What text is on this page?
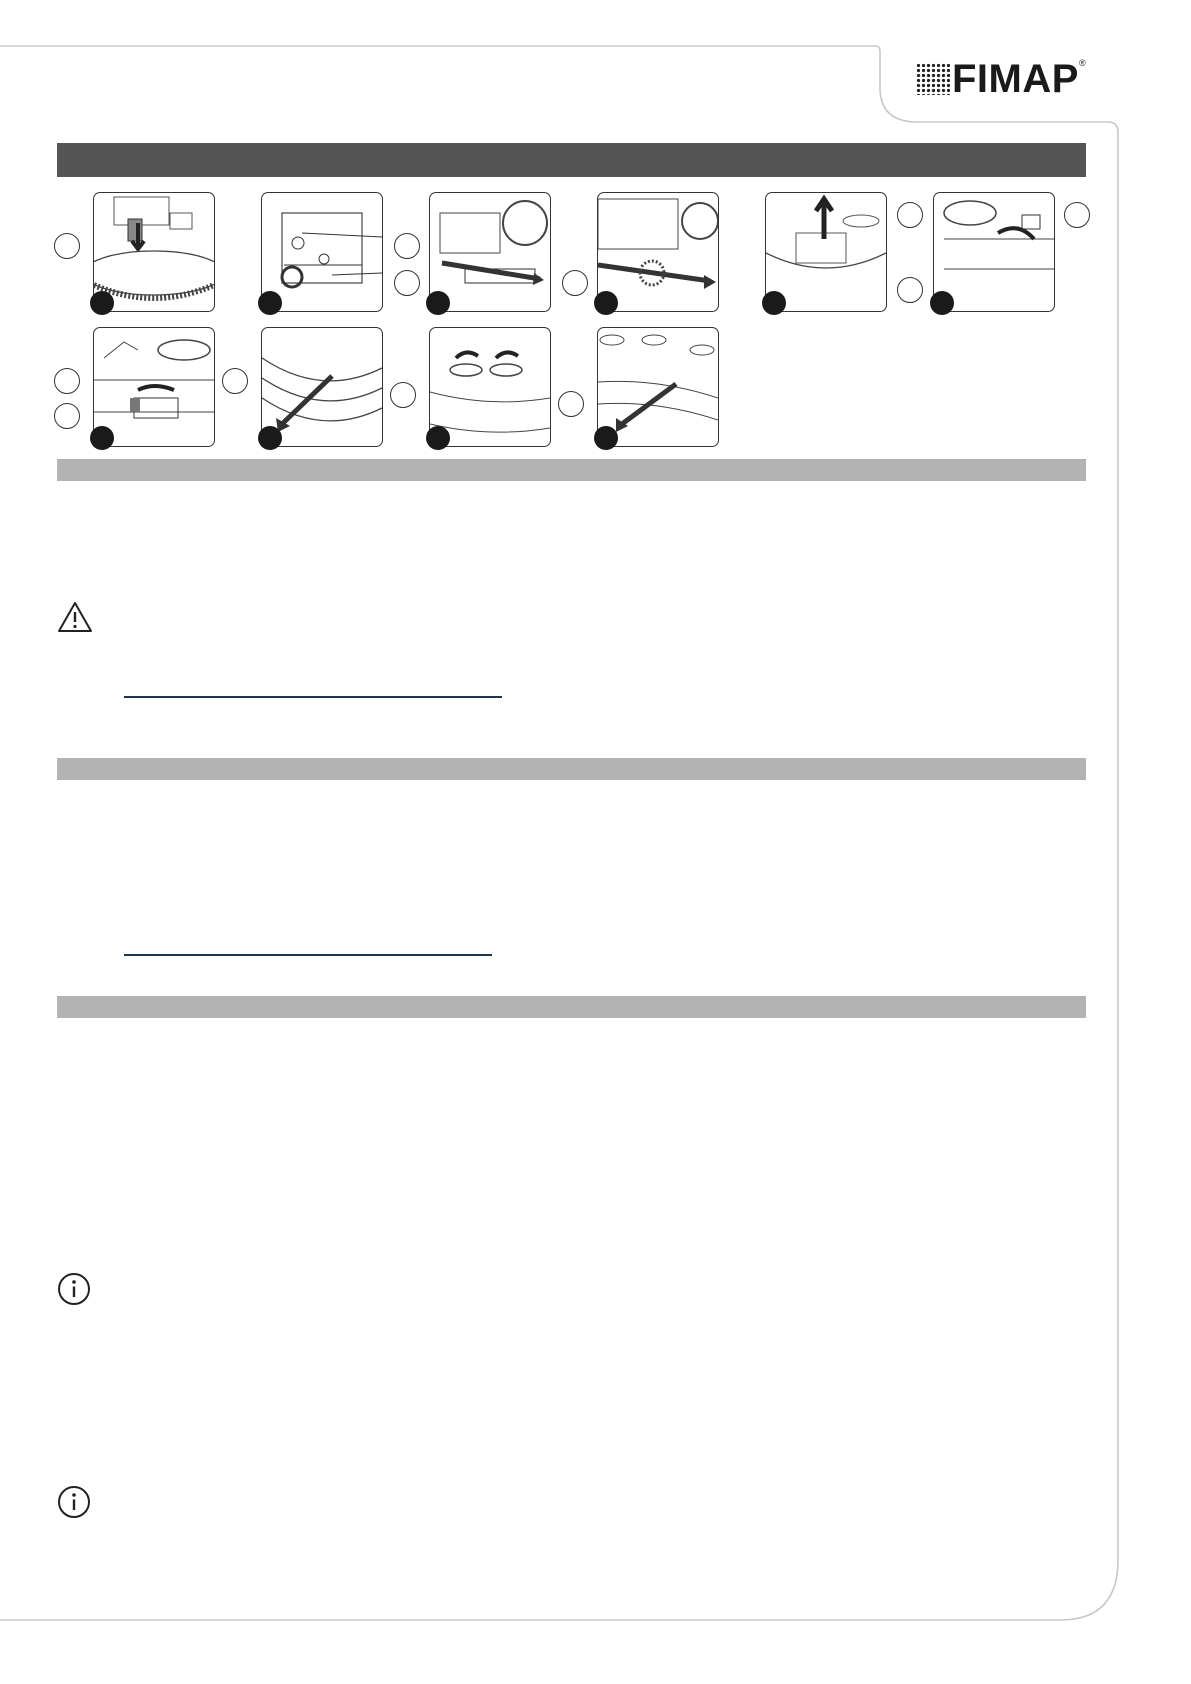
FIMAP ®
